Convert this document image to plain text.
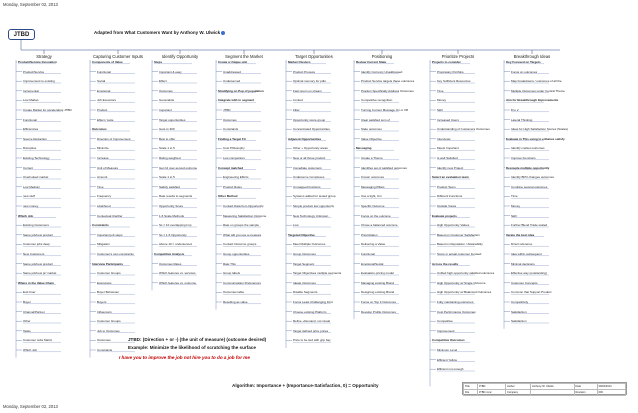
Monday, September 02, 2013
Monday, September 02, 2013
JTBD	Adapted from What Customers Want by Anthony W. Ulwick
Strategy
Product/Service Innovation
Product/Service
Improvement to existing
Incremental
Low Market
Create Market for accelerating JTBD
Functional
Efficiencies
Source Reduction
Disruptive
Existing Technology
Current
Overlooked market
Low Medium
new stuff
new money
Which Job
Existing Customers
Same job/new product
Customer jobs deep
New Customers
Same job/new product
Same job/new pr/ market
Where in the Value Chain
End User
Buyer
Channel/Partner
Other
Tasks
Customer Jobs Matrix
Which Job
Capturing Customer Inputs
Components of Value
Functional
Social
Emotional
Job Executors
Product
Effect / suite
Outcomes
Direction of Improvement
Minimize
Increase
Unit of Measure
Amount
Time
Frequency
Likelihood
Contextual Clarifier
Constraints
Important job steps
Mitigation
Customer's own constraints
Interview Participants
Customer Groups
Executives
Buyer Behaviour
Buyers
Influencers
Customer Groups
Job to Outcomes
Outcomes
Constraints
Identify Opportunity
Steps
Important & easy
Effect
Outcomes
Generalists
Important
Target opportunities
Gets to 300
Best to offer
Scale 1 to 5
Rating weighted
Get rid over-served outcome
Scale 1 to 5
Satisfy satisfied
Rate results to segments
Opportunity Score
1-5 Scale Methods
Ss = 10 overlapping Imp
Ss = 1-5 Opportunity
Above 10 = underserved
Competitive Analysis
Outcomes Rates
Which features vs. services
Which features vs. outcome
Segment the Market
Create a Unique unit
Unaddressed
Underserved
Stratifying on Pop of population
Integrate with in segment
JTBD
Outcomes
Constraints
Finding a Target Fit
Cost Philosophy
Low competitors
Concept matched
Engineering Efforts
Product Roles
Other Method
Contact Data from Opportunity
Measuring Satisfaction Outcome
Rate on groups the sample
What will you use a measure
Contact Outcome groups
Group opportunities
Rate This
Group labels
Communication Preferences
Outcomes table
Resulting as value
Target Opportunities
Market Clusters
Product Process
Optimal memory for pdts
Fast return on stream
Limited
Filter
Opportunity score group
Concentrated Opportunities
Adjacent Opportunities
Other + Opportunity areas
New or all those product
Immediate customers
Underserve Complexes
Unmapped functions
Systems added for tested group
Simple product low opportunity
New Technology Unknown
Low
Targeted Objective
Meet Multiple Outcomes
Group Outcomes
Target Segment
Target Objectives multiple segments
Ideate Outcomes
Disable Segments
Focus Least Challenging First
Choose existing Platform
Refine +Demand, not visual
Target defined price prices
Price to be tied with grip bay
Positioning
Review Current State
Identify Currency Unaddressed
Product Service targets these outcomes
Position Specifically Address Outcomes
Competitive recognition
Turning Current Message On or Off
Clear satisfied sum of
State outcomes
Value Objective
Messaging
Create a Theme
Identifies set of satisfied outcomes
Known outcomes
Messaging Pillars
Use a tight, Uni
Specific Outcome
Focus on the outcome
Chose a balanced outcome
Prioritization
Delivering a Value
Functional
Emotional/Social
Evaluation-pricing model
Managing existing Brand
Designing existing Brand
Focus on Top 3 Outcomes
Develop Profile Outcomes
Prioritize Projects
Projects to consider
Proprietary Portfolio
Key Sufficient Resources
Time
Money
Skill
Increased Users
Understanding of Customers Outcomes
Interviews
Meets Important
Is well Satisfied
Identify new Project
Select an evaluation team
Product Team
Different Functions
Outside Views
Evaluate projects
High Opportunity Values
Based on Customer Satisfaction
Based on Reputation / Attainability
Score in actual customer focused
Across the results
Unified high opportunity satisfied outcomes
High Opportunity w/ Single Outcome
High Opportunity w/ Balanced Outcomes
Fully maintaining outcomes
Cost Performance Outcomes
Competitive
Improvement
Competitive Outcomes
Minimum Level
Efficient Yellow
Efficient not enough
Breakthrough Ideas
Key Focused on Targets
Focus on outcomes
Map breakdowns / outcomes of all the
Multiple Outcomes under Central Theme
Aim for Breakthrough Improvements
8 to 2
Lateral Thinking
Ideas for High Satisfaction Scores (Scales)
Evaluate in This using to enhance satisfy
Identify market outcomes
Improve Functions
Decouple multiple opportunity
Identify BPO changes outcomes
Combine several outcomes
Time
Money
Skill
Further Blend Trade scaled
Iterate the best idea
Direct reference
Idea within subsequent
Minimal decisions
Effective way (outstanding)
Customer Concepts
Common that Support Product
Competitivity
Satisfaction
Satisfaction
JTBD: (Direction + or -) (the unit of measure) (outcome desired)
Example: Minimize the likelihood of scratching the surface
I have you to improve the job not hire you to do a job for me
Algorithm: Importance + (Importance-Satisfaction, 0) = Opportunity	Title	JTBD	Author	Anthony W. Ulwick	Date	09/02/2013
File	JTBD.mmc	Company		Revision	000
